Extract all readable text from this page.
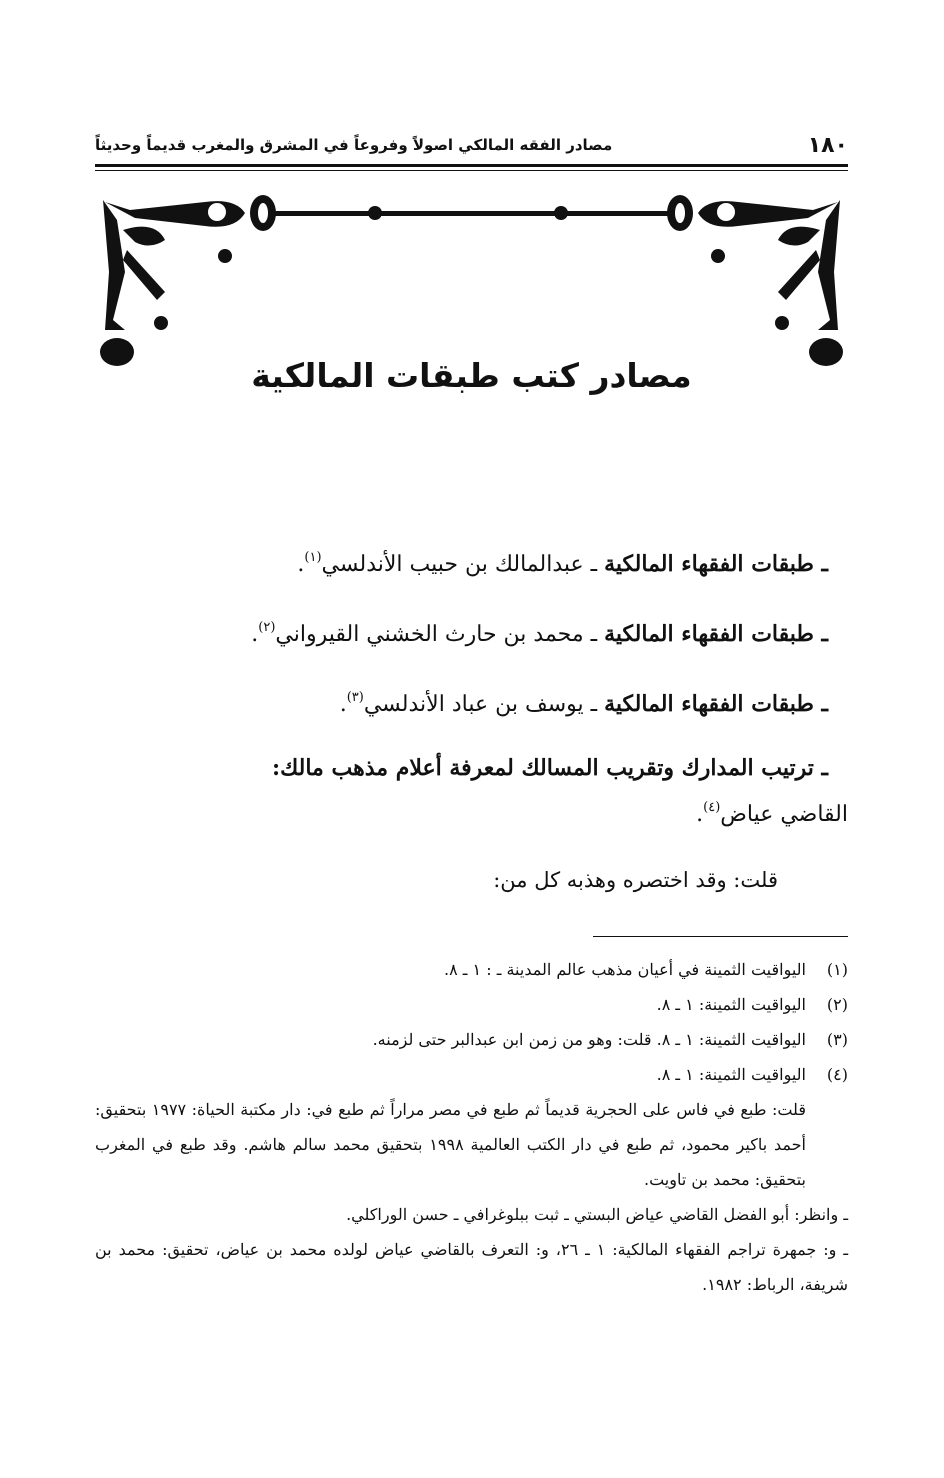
١٨٠
مصادر الفقه المالكي اصولاً وفروعاً في المشرق والمغرب قديماً وحديثاً
مصادر كتب طبقات المالكية
ـ طبقات الفقهاء المالكية ـ عبدالمالك بن حبيب الأندلسي$^{(١)}$.
ـ طبقات الفقهاء المالكية ـ محمد بن حارث الخشني القيرواني$^{(٢)}$.
ـ طبقات الفقهاء المالكية ـ يوسف بن عباد الأندلسي$^{(٣)}$.
ـ ترتيب المدارك وتقريب المسالك لمعرفة أعلام مذهب مالك:
القاضي عياض$^{(٤)}$.
قلت: وقد اختصره وهذبه كل من:
(١)
اليواقيت الثمينة في أعيان مذهب عالم المدينة ـ : ١ ـ ٨.
(٢)
اليواقيت الثمينة: ١ ـ ٨.
(٣)
اليواقيت الثمينة: ١ ـ ٨. قلت: وهو من زمن ابن عبدالبر حتى لزمنه.
(٤)
اليواقيت الثمينة: ١ ـ ٨.
قلت: طبع في فاس على الحجرية قديماً ثم طبع في مصر مراراً ثم طبع في: دار مكتبة الحياة: ١٩٧٧ بتحقيق: أحمد باكير محمود، ثم طبع في دار الكتب العالمية ١٩٩٨ بتحقيق محمد سالم هاشم. وقد طبع في المغرب بتحقيق: محمد بن تاويت.
ـ وانظر: أبو الفضل القاضي عياض البستي ـ ثبت ببلوغرافي ـ حسن الوراكلي.
ـ و: جمهرة تراجم الفقهاء المالكية: ١ ـ ٢٦، و: التعرف بالقاضي عياض لولده محمد بن عياض، تحقيق: محمد بن شريفة، الرباط: ١٩٨٢.
